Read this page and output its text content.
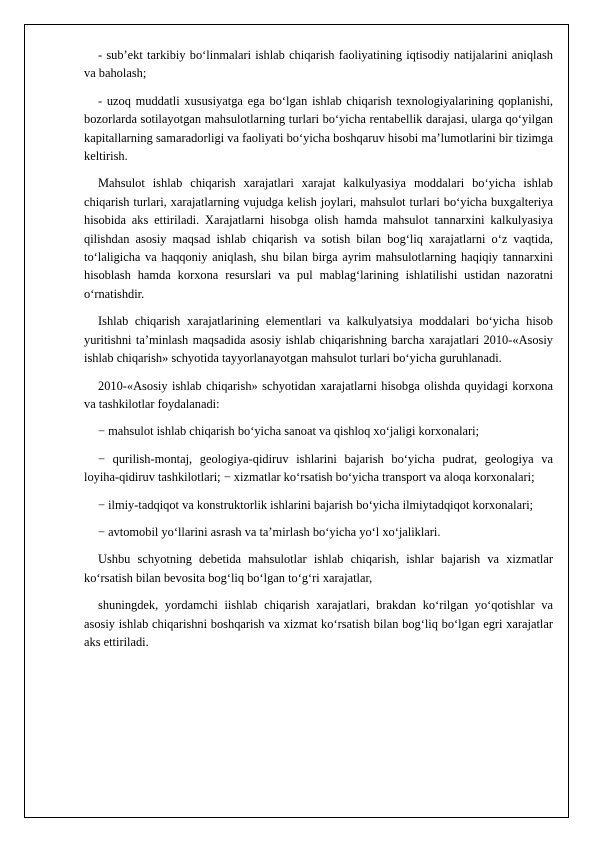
- sub’ekt tarkibiy bo‘linmalari ishlab chiqarish faoliyatining iqtisodiy natijalarini aniqlash va baholash;

- uzoq muddatli xususiyatga ega bo‘lgan ishlab chiqarish texnologiyalarining qoplanishi, bozorlarda sotilayotgan mahsulotlarning turlari bo‘yicha rentabellik darajasi, ularga qo‘yilgan kapitallarning samaradorligi va faoliyati bo‘yicha boshqaruv hisobi ma’lumotlarini bir tizimga keltirish.

Mahsulot ishlab chiqarish xarajatlari xarajat kalkulyasiya moddalari bo‘yicha ishlab chiqarish turlari, xarajatlarning vujudga kelish joylari, mahsulot turlari bo‘yicha buxgalteriya hisobida aks ettiriladi. Xarajatlarni hisobga olish hamda mahsulot tannarxini kalkulyasiya qilishdan asosiy maqsad ishlab chiqarish va sotish bilan bog‘liq xarajatlarni o‘z vaqtida, to‘laligicha va haqqoniy aniqlash, shu bilan birga ayrim mahsulotlarning haqiqiy tannarxini hisoblash hamda korxona resurslari va pul mablag‘larining ishlatilishi ustidan nazoratni o‘rnatishdir.

Ishlab chiqarish xarajatlarining elementlari va kalkulyatsiya moddalari bo‘yicha hisob yuritishni ta’minlash maqsadida asosiy ishlab chiqarishning barcha xarajatlari 2010-«Asosiy ishlab chiqarish» schyotida tayyorlanayotgan mahsulot turlari bo‘yicha guruhlanadi.

2010-«Asosiy ishlab chiqarish» schyotidan xarajatlarni hisobga olishda quyidagi korxona va tashkilotlar foydalanadi:

− mahsulot ishlab chiqarish bo‘yicha sanoat va qishloq xo‘jaligi korxonalari;

− qurilish-montaj, geologiya-qidiruv ishlarini bajarish bo‘yicha pudrat, geologiya va loyiha-qidiruv tashkilotlari; − xizmatlar ko‘rsatish bo‘yicha transport va aloqa korxonalari;

− ilmiy-tadqiqot va konstruktorlik ishlarini bajarish bo‘yicha ilmiytadqiqot korxonalari;

− avtomobil yo‘llarini asrash va ta’mirlash bo‘yicha yo‘l xo‘jaliklari.

Ushbu schyotning debetida mahsulotlar ishlab chiqarish, ishlar bajarish va xizmatlar ko‘rsatish bilan bevosita bog‘liq bo‘lgan to‘g‘ri xarajatlar,

shuningdek, yordamchi iishlab chiqarish xarajatlari, brakdan ko‘rilgan yo‘qotishlar va asosiy ishlab chiqarishni boshqarish va xizmat ko‘rsatish bilan bog‘liq bo‘lgan egri xarajatlar aks ettiriladi.
